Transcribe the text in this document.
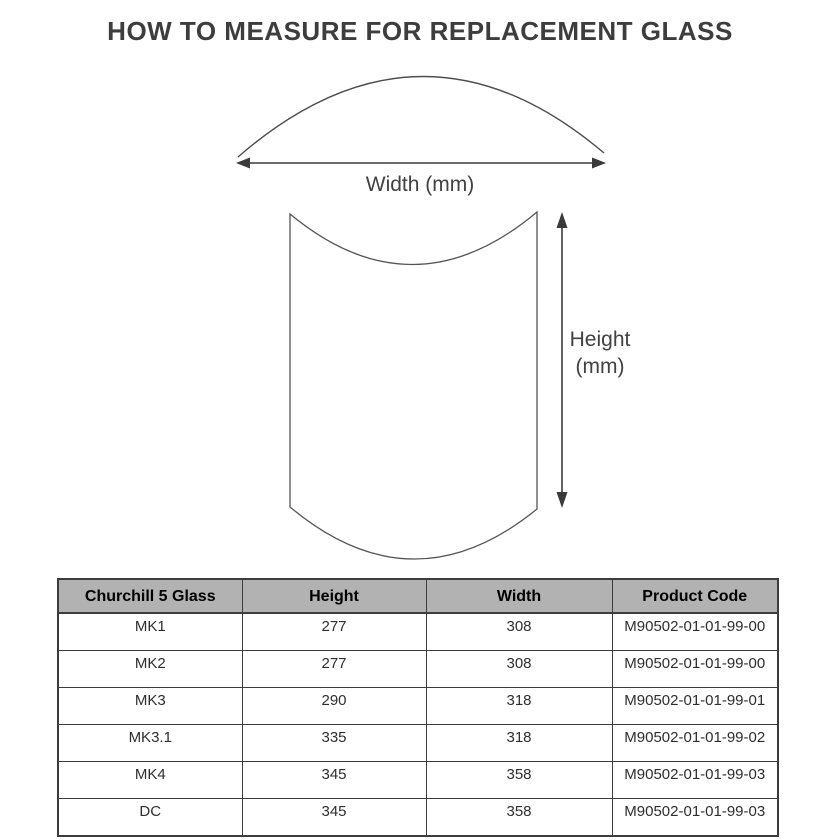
HOW TO MEASURE FOR REPLACEMENT GLASS
Width (mm)
Height
(mm)
Churchill 5 Glass	Height	Width	Product Code
MK1	277	308	M90502-01-01-99-00
MK2	277	308	M90502-01-01-99-00
MK3	290	318	M90502-01-01-99-01
MK3.1	335	318	M90502-01-01-99-02
MK4	345	358	M90502-01-01-99-03
DC	345	358	M90502-01-01-99-03
